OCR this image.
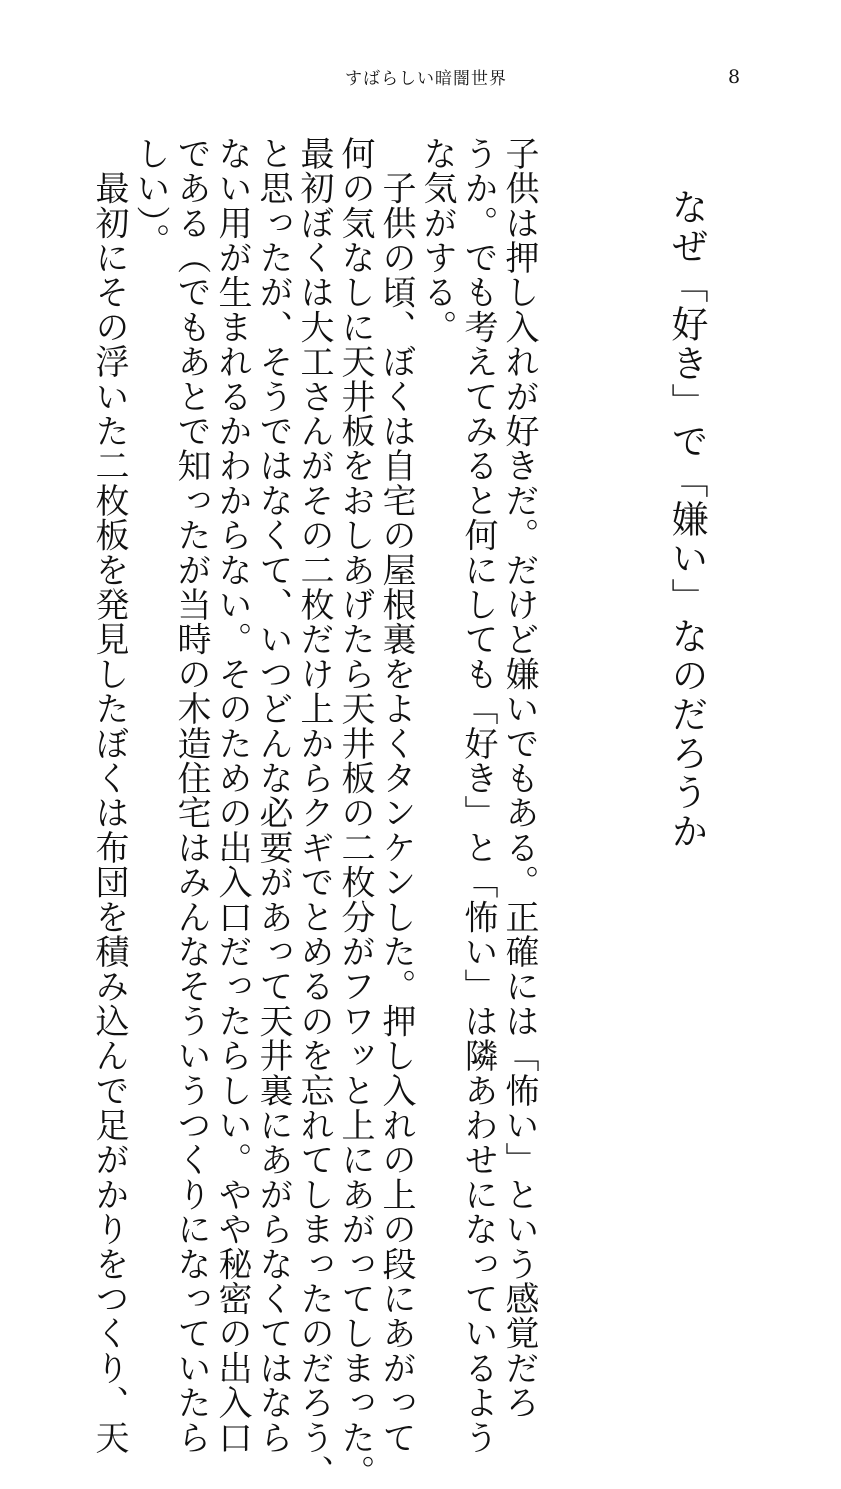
すばらしい暗闇世界	8
なぜ「好き」で「嫌い」なのだろうか
子供は押し入れが好きだ。だけど嫌いでもある。正確には「怖い」という感覚だろ
うか。でも考えてみると何にしても「好き」と「怖い」は隣あわせになっているよう
な気がする。
　子供の頃、ぼくは自宅の屋根裏をよくタンケンした。押し入れの上の段にあがって
何の気なしに天井板をおしあげたら天井板の二枚分がフワッと上にあがってしまった。
最初ぼくは大工さんがその二枚だけ上からクギでとめるのを忘れてしまったのだろう、
と思ったが、そうではなくて、いつどんな必要があって天井裏にあがらなくてはなら
ない用が生まれるかわからない。そのための出入口だったらしい。やや秘密の出入口
である（でもあとで知ったが当時の木造住宅はみんなそういうつくりになっていたら
しい）。
　最初にその浮いた二枚板を発見したぼくは布団を積み込んで足がかりをつくり、天
